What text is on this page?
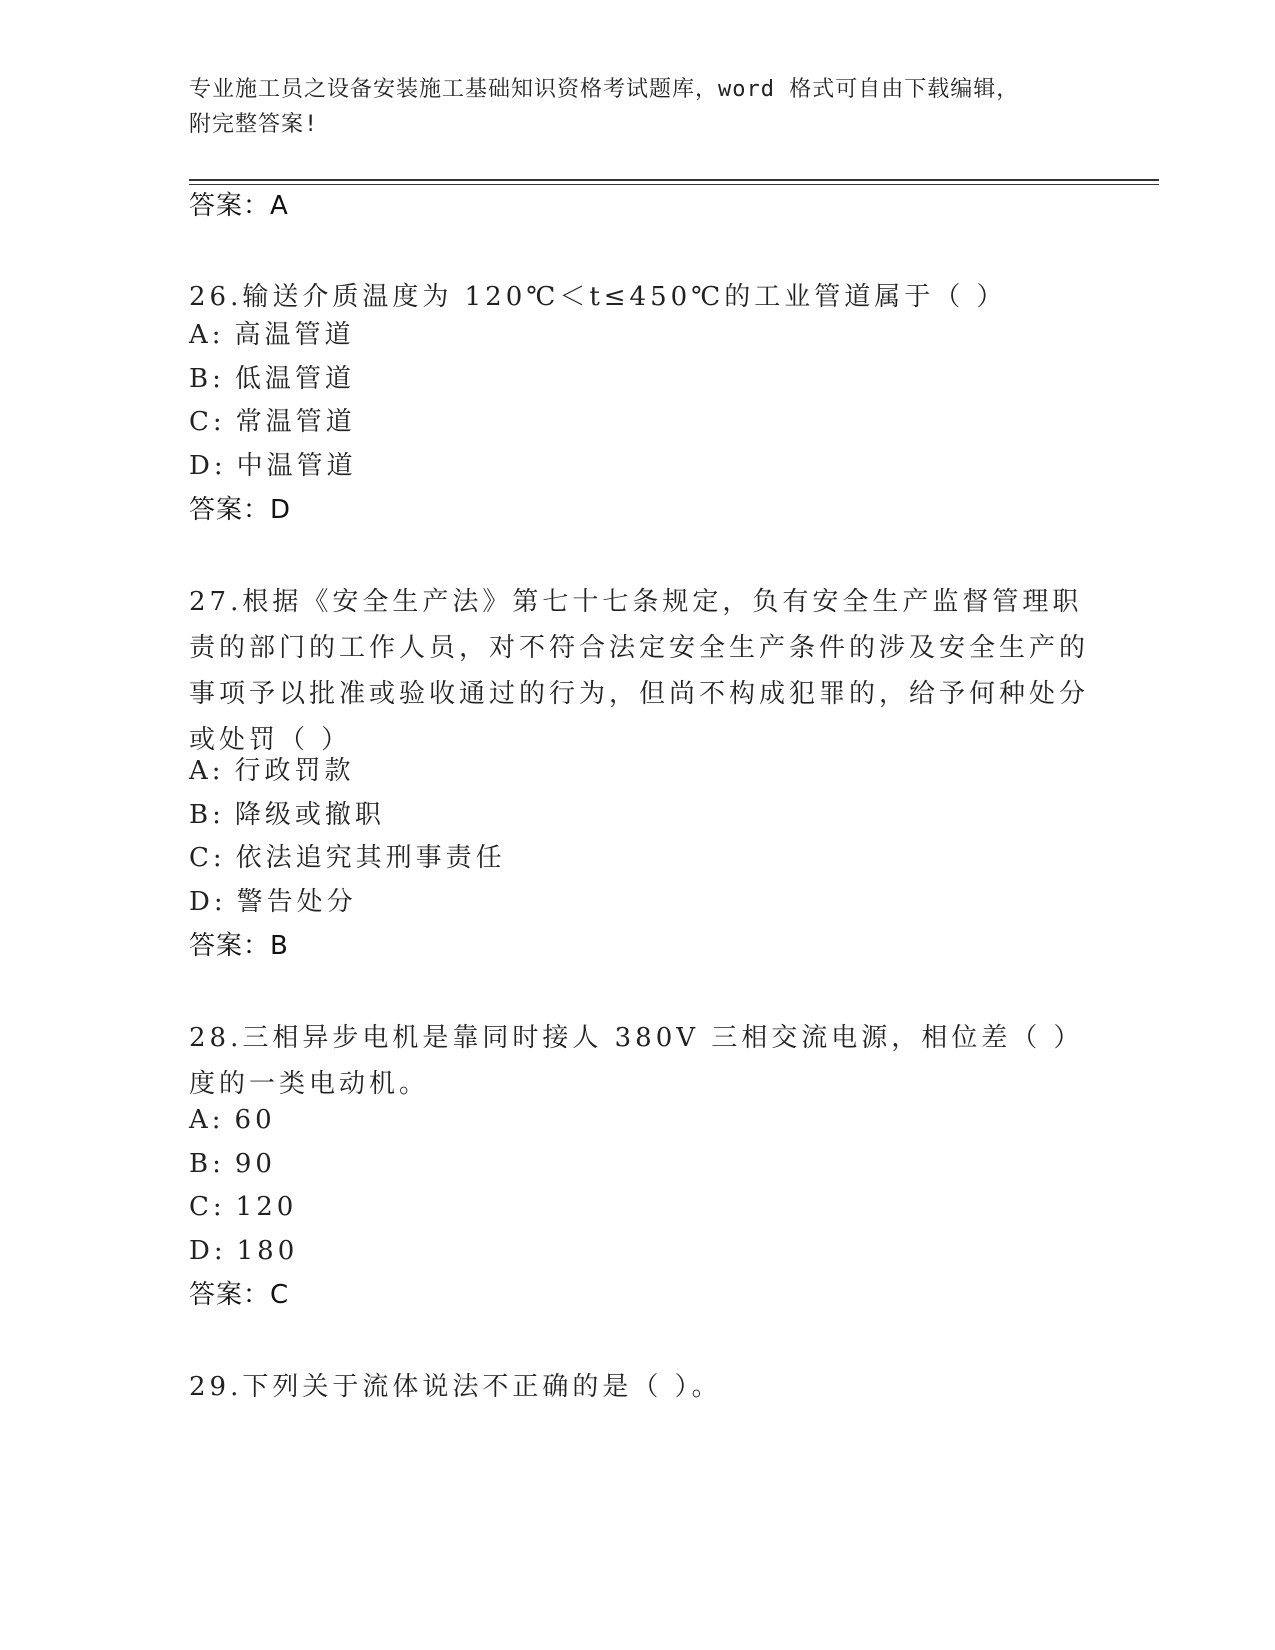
专业施工员之设备安装施工基础知识资格考试题库，word 格式可自由下载编辑，
附完整答案!
答案：A
26.输送介质温度为 120℃＜t≤450℃的工业管道属于（ ）
A: 高温管道
B: 低温管道
C: 常温管道
D: 中温管道
答案：D
27.根据《安全生产法》第七十七条规定，负有安全生产监督管理职责的部门的工作人员，对不符合法定安全生产条件的涉及安全生产的事项予以批准或验收通过的行为，但尚不构成犯罪的，给予何种处分或处罚（ ）
A: 行政罚款
B: 降级或撤职
C: 依法追究其刑事责任
D: 警告处分
答案：B
28.三相异步电机是靠同时接人 380V 三相交流电源，相位差（ ）度的一类电动机。
A: 60
B: 90
C: 120
D: 180
答案：C
29.下列关于流体说法不正确的是（ ）。
